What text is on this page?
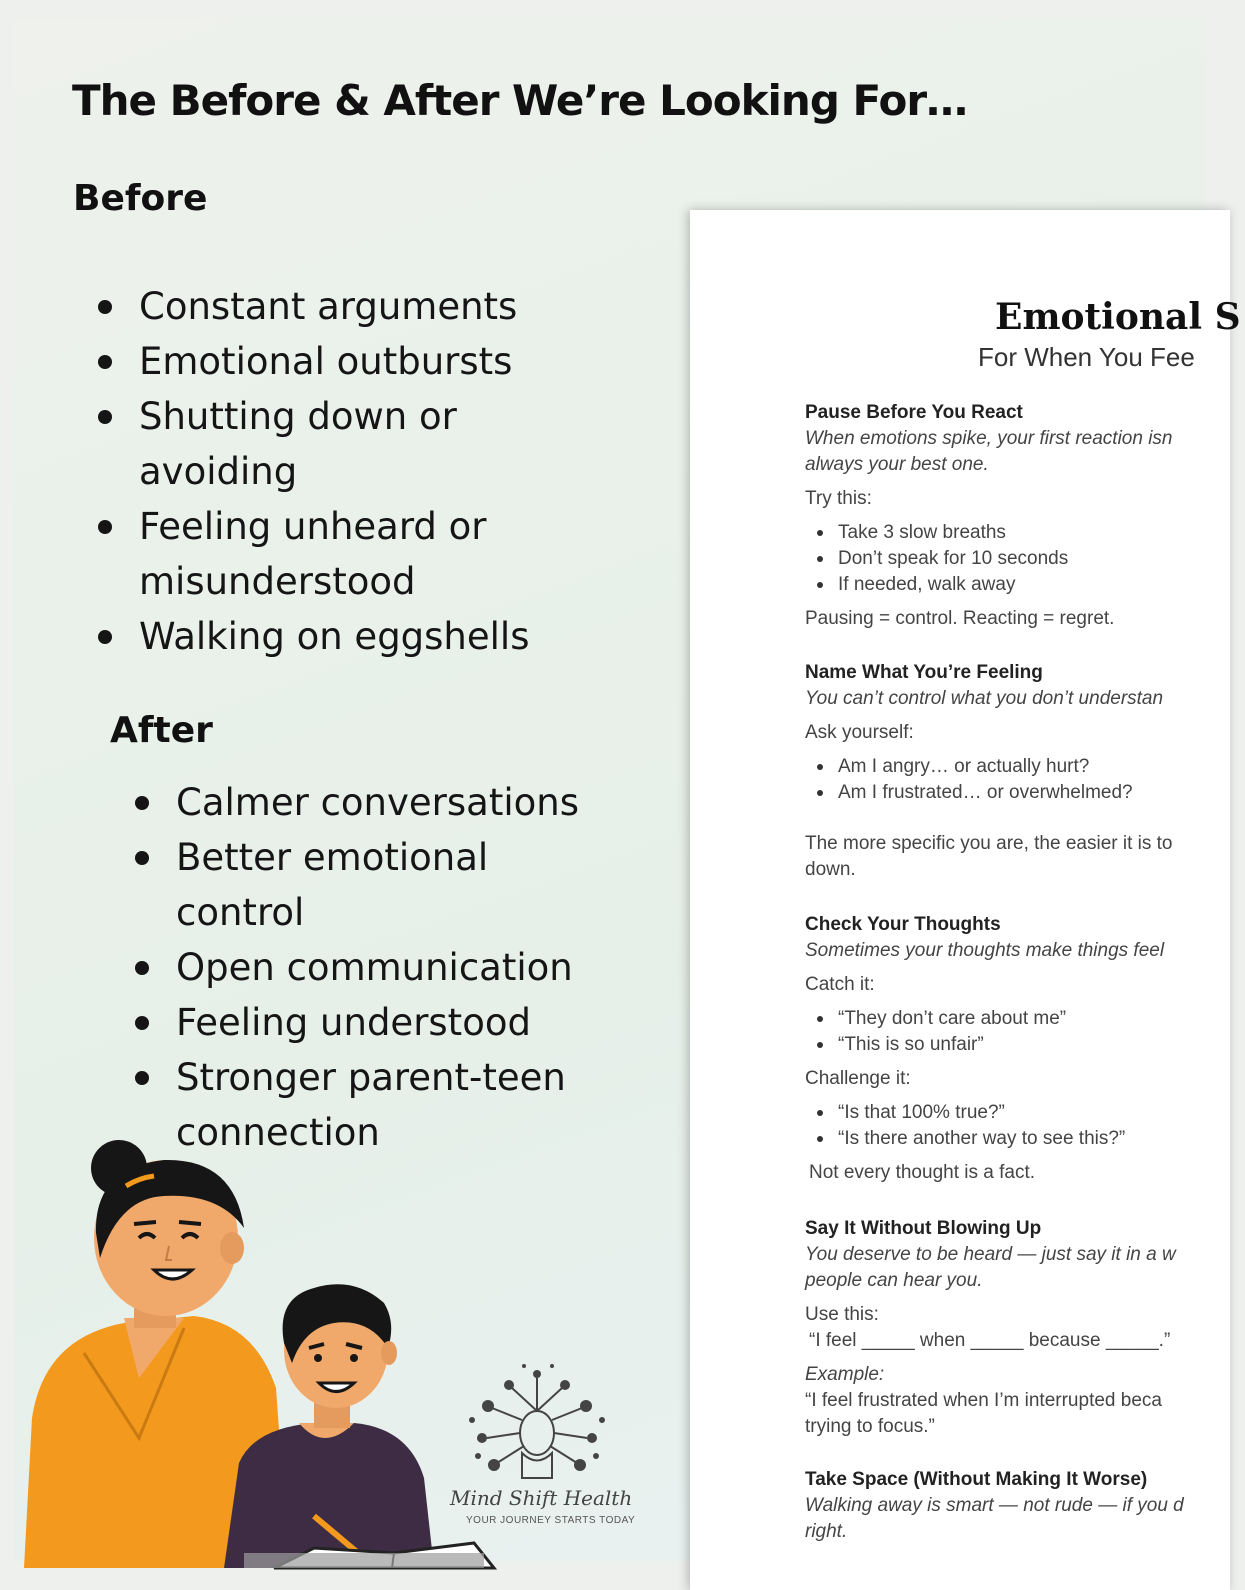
The Before & After We’re Looking For…
Before
Constant arguments
Emotional outbursts
Shutting down or
avoiding
Feeling unheard or
misunderstood
Walking on eggshells
After
Calmer conversations
Better emotional
control
Open communication
Feeling understood
Stronger parent-teen
connection
Emotional S
For When You Fee
Pause Before You React
When emotions spike, your first reaction isn
always your best one.
Try this:
Take 3 slow breaths
Don’t speak for 10 seconds
If needed, walk away
Pausing = control. Reacting = regret.
Name What You’re Feeling
You can’t control what you don’t understan
Ask yourself:
Am I angry… or actually hurt?
Am I frustrated… or overwhelmed?
The more specific you are, the easier it is to
down.
Check Your Thoughts
Sometimes your thoughts make things feel
Catch it:
“They don’t care about me”
“This is so unfair”
Challenge it:
“Is that 100% true?”
“Is there another way to see this?”
Not every thought is a fact.
Say It Without Blowing Up
You deserve to be heard — just say it in a w
people can hear you.
Use this:
“I feel _____ when _____ because _____.”
Example:
“I feel frustrated when I’m interrupted beca
trying to focus.”
Take Space (Without Making It Worse)
Walking away is smart — not rude — if you d
right.
Mind Shift Health
YOUR JOURNEY STARTS TODAY
